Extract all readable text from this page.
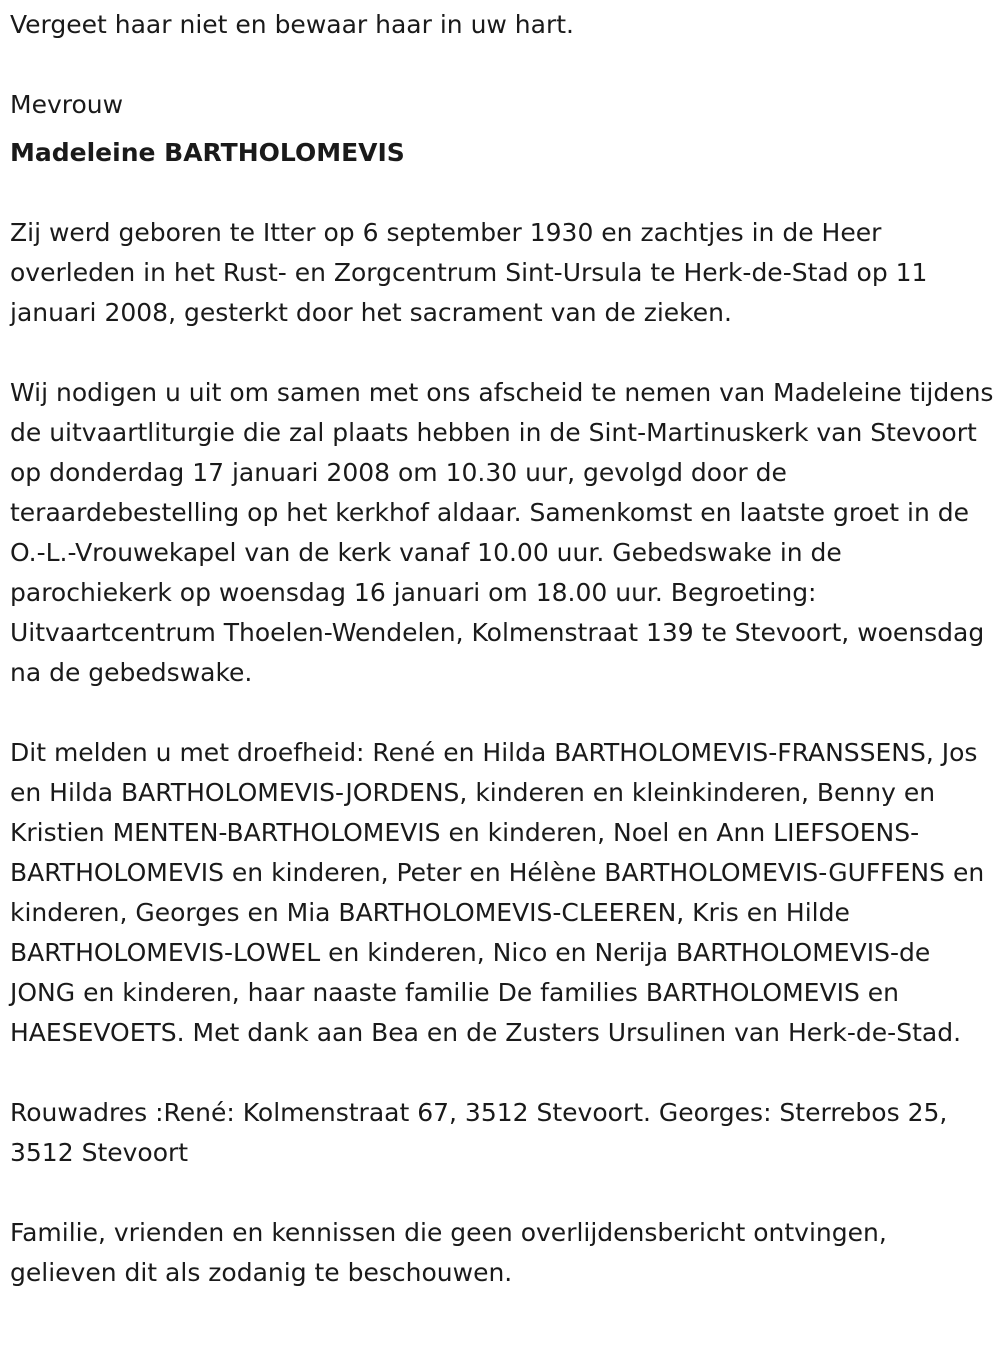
Vergeet haar niet en bewaar haar in uw hart.

Mevrouw

Madeleine BARTHOLOMEVIS

Zij werd geboren te Itter op 6 september 1930 en zachtjes in de Heer overleden in het Rust- en Zorgcentrum Sint-Ursula te Herk-de-Stad op 11 januari 2008, gesterkt door het sacrament van de zieken.

Wij nodigen u uit om samen met ons afscheid te nemen van Madeleine tijdens de uitvaartliturgie die zal plaats hebben in de Sint-Martinuskerk van Stevoort op donderdag 17 januari 2008 om 10.30 uur, gevolgd door de teraardebestelling op het kerkhof aldaar. Samenkomst en laatste groet in de O.-L.-Vrouwekapel van de kerk vanaf 10.00 uur. Gebedswake in de parochiekerk op woensdag 16 januari om 18.00 uur. Begroeting: Uitvaartcentrum Thoelen-Wendelen, Kolmenstraat 139 te Stevoort, woensdag na de gebedswake.

Dit melden u met droefheid: René en Hilda BARTHOLOMEVIS-FRANSSENS, Jos en Hilda BARTHOLOMEVIS-JORDENS, kinderen en kleinkinderen, Benny en Kristien MENTEN-BARTHOLOMEVIS en kinderen, Noel en Ann LIEFSOENS-BARTHOLOMEVIS en kinderen, Peter en Hélène BARTHOLOMEVIS-GUFFENS en kinderen, Georges en Mia BARTHOLOMEVIS-CLEEREN, Kris en Hilde BARTHOLOMEVIS-LOWEL en kinderen, Nico en Nerija BARTHOLOMEVIS-de JONG en kinderen, haar naaste familie De families BARTHOLOMEVIS en HAESEVOETS. Met dank aan Bea en de Zusters Ursulinen van Herk-de-Stad.

Rouwadres :René: Kolmenstraat 67, 3512 Stevoort. Georges: Sterrebos 25, 3512 Stevoort

Familie, vrienden en kennissen die geen overlijdensbericht ontvingen, gelieven dit als zodanig te beschouwen.
